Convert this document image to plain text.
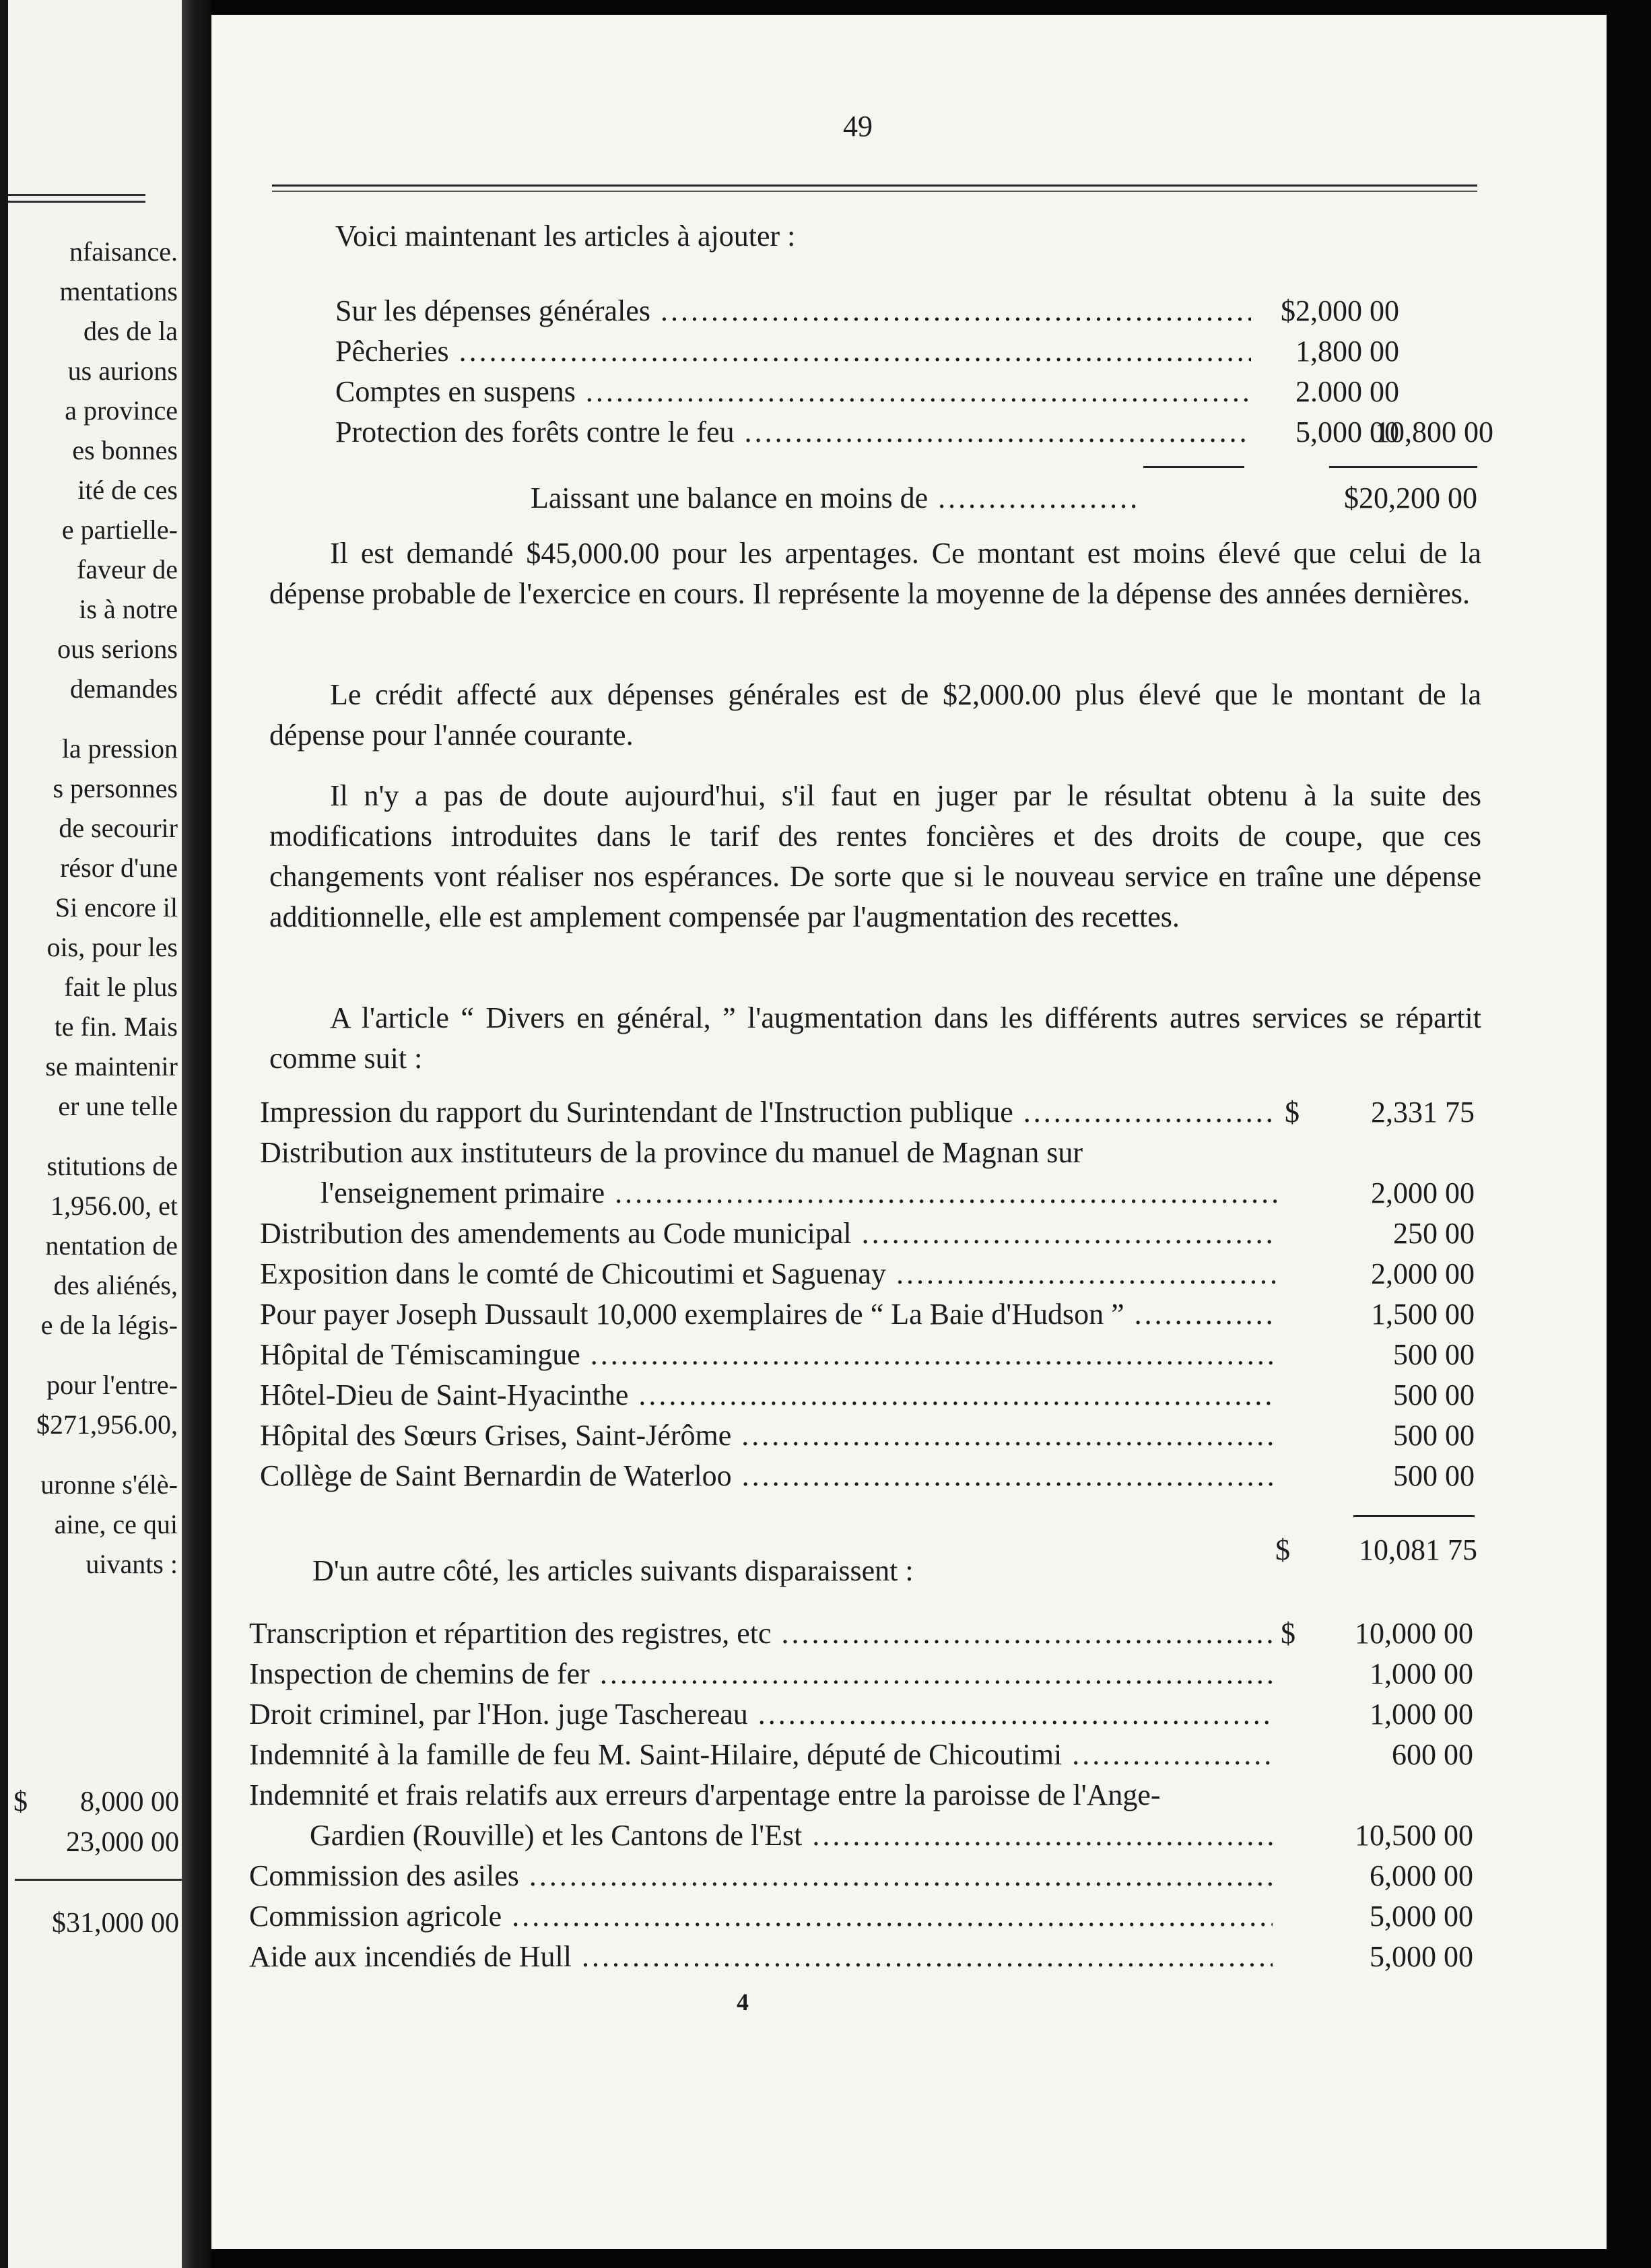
nfaisance.
mentations
des de la
us aurions
a province
es bonnes
ité de ces
e partielle-
faveur de
is à notre
ous serions
demandes
la pression
s personnes
de secourir
résor d'une
Si encore il
ois, pour les
fait le plus
te fin. Mais
se maintenir
er une telle
stitutions de
1,956.00, et
nentation de
des aliénés,
e de la légis-
pour l'entre-
$271,956.00,
uronne s'élè-
aine, ce qui
uivants :
$ 8,000 00
23,000 00
$31,000 00
49
Voici maintenant les articles à ajouter :
Sur les dépenses générales .....	$2,000 00
Pêcheries .....	1,800 00
Comptes en suspens .....	2.000 00
Protection des forêts contre le feu .....	5,000 00
10,800 00
Laissant une balance en moins de .....	$20,200 00

Il est demandé $45,000.00 pour les arpentages. Ce montant est moins élevé que celui de la dépense probable de l'exercice en cours. Il représente la moyenne de la dépense des années dernières.

Le crédit affecté aux dépenses générales est de $2,000.00 plus élevé que le montant de la dépense pour l'année courante.

Il n'y a pas de doute aujourd'hui, s'il faut en juger par le résultat obtenu à la suite des modifications introduites dans le tarif des rentes foncières et des droits de coupe, que ces changements vont réaliser nos espérances. De sorte que si le nouveau service en traîne une dépense additionnelle, elle est amplement compensée par l'augmentation des recettes.

A l'article “ Divers en général, ” l'augmentation dans les différents autres services se répartit comme suit :

Impression du rapport du Surintendant de l'Instruction publique .....	$	2,331 75
Distribution aux instituteurs de la province du manuel de Magnan sur
l'enseignement primaire .....	2,000 00
Distribution des amendements au Code municipal .....	250 00
Exposition dans le comté de Chicoutimi et Saguenay .....	2,000 00
Pour payer Joseph Dussault 10,000 exemplaires de “ La Baie d'Hudson ” .....	1,500 00
Hôpital de Témiscamingue .....	500 00
Hôtel-Dieu de Saint-Hyacinthe .....	500 00
Hôpital des Sœurs Grises, Saint-Jérôme .....	500 00
Collège de Saint Bernardin de Waterloo .....	500 00
$	10,081 75
D'un autre côté, les articles suivants disparaissent :
Transcription et répartition des registres, etc .....	$	10,000 00
Inspection de chemins de fer .....	1,000 00
Droit criminel, par l'Hon. juge Taschereau .....	1,000 00
Indemnité à la famille de feu M. Saint-Hilaire, député de Chicoutimi .....	600 00
Indemnité et frais relatifs aux erreurs d'arpentage entre la paroisse de l'Ange-
Gardien (Rouville) et les Cantons de l'Est .....	10,500 00
Commission des asiles .....	6,000 00
Commission agricole .....	5,000 00
Aide aux incendiés de Hull .....	5,000 00
4
